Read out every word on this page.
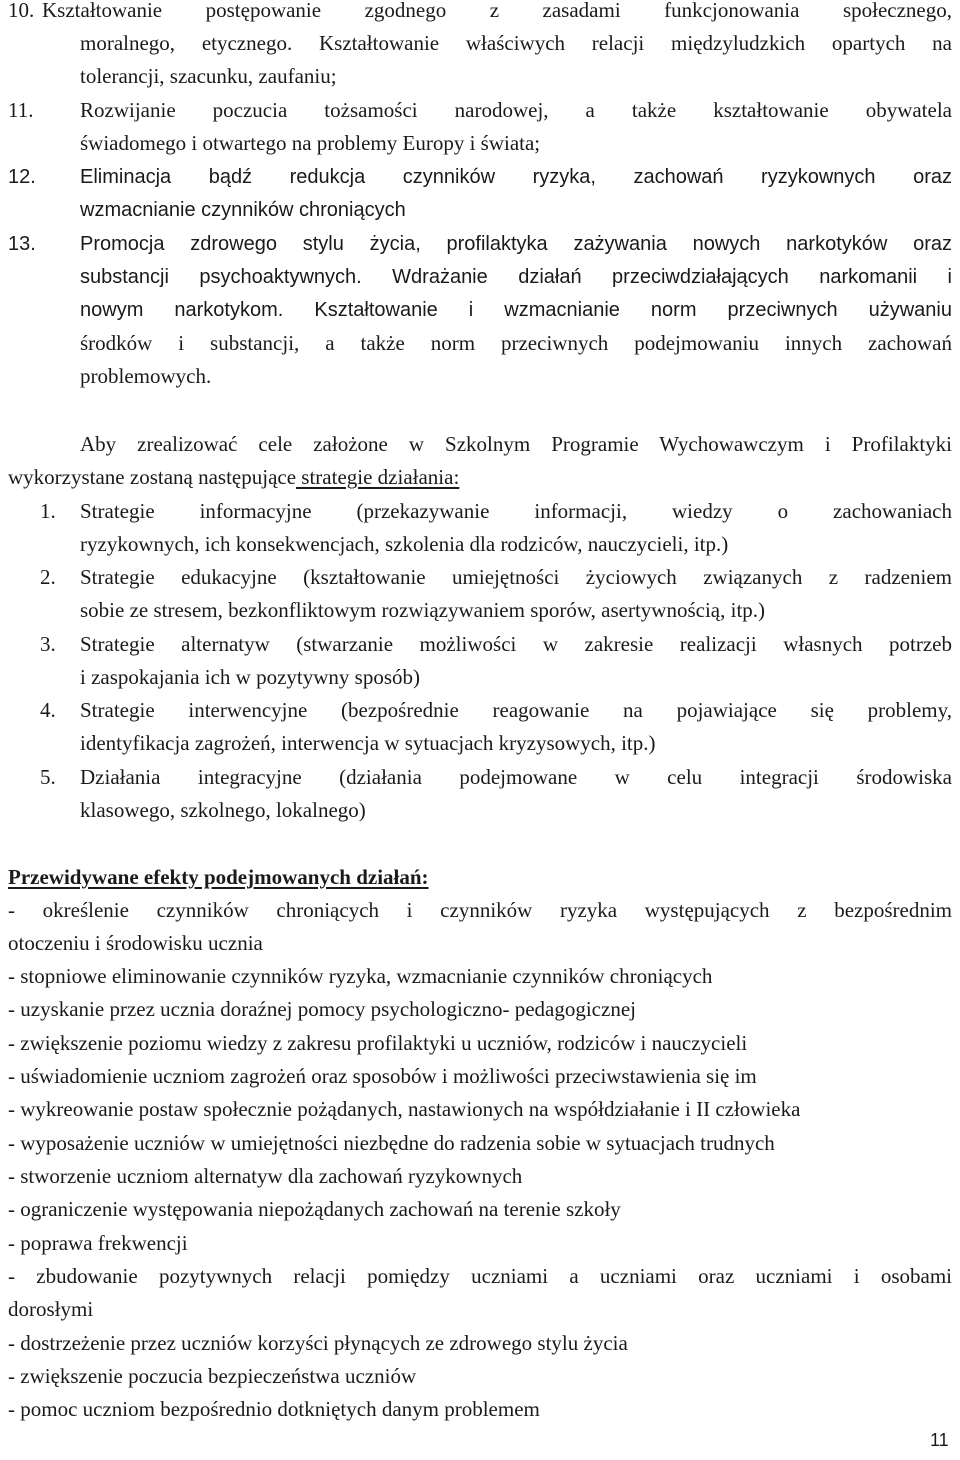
10. Kształtowanie postępowanie zgodnego z zasadami funkcjonowania społecznego,
moralnego, etycznego. Kształtowanie właściwych relacji międzyludzkich opartych na
tolerancji, szacunku, zaufaniu;
11. Rozwijanie poczucia tożsamości narodowej, a także kształtowanie obywatela
świadomego i otwartego na problemy Europy i świata;
12. Eliminacja bądź redukcja czynników ryzyka, zachowań ryzykownych oraz
wzmacnianie czynników chroniących
13. Promocja zdrowego stylu życia, profilaktyka zażywania nowych narkotyków oraz
substancji psychoaktywnych. Wdrażanie działań przeciwdziałających narkomanii i
nowym narkotykom. Kształtowanie i wzmacnianie norm przeciwnych używaniu
środków i substancji, a także norm przeciwnych podejmowaniu innych zachowań
problemowych.
Aby zrealizować cele założone w Szkolnym Programie Wychowawczym i Profilaktyki
wykorzystane zostaną następujące strategie działania:
1. Strategie informacyjne (przekazywanie informacji, wiedzy o zachowaniach
ryzykownych, ich konsekwencjach, szkolenia dla rodziców, nauczycieli, itp.)
2. Strategie edukacyjne (kształtowanie umiejętności życiowych związanych z radzeniem
sobie ze stresem, bezkonfliktowym rozwiązywaniem sporów, asertywnością, itp.)
3. Strategie alternatyw (stwarzanie możliwości w zakresie realizacji własnych potrzeb
i zaspokajania ich w pozytywny sposób)
4. Strategie interwencyjne (bezpośrednie reagowanie na pojawiające się problemy,
identyfikacja zagrożeń, interwencja w sytuacjach kryzysowych, itp.)
5. Działania integracyjne (działania podejmowane w celu integracji środowiska
klasowego, szkolnego, lokalnego)
Przewidywane efekty podejmowanych działań:
- określenie czynników chroniących i czynników ryzyka występujących z bezpośrednim
otoczeniu i środowisku ucznia
- stopniowe eliminowanie czynników ryzyka, wzmacnianie czynników chroniących
- uzyskanie przez ucznia doraźnej pomocy psychologiczno- pedagogicznej
- zwiększenie poziomu wiedzy z zakresu profilaktyki u uczniów, rodziców i nauczycieli
- uświadomienie uczniom zagrożeń oraz sposobów i możliwości przeciwstawienia się im
- wykreowanie postaw społecznie pożądanych, nastawionych na współdziałanie i II człowieka
- wyposażenie uczniów w umiejętności niezbędne do radzenia sobie w sytuacjach trudnych
- stworzenie uczniom alternatyw dla zachowań ryzykownych
- ograniczenie występowania niepożądanych zachowań na terenie szkoły
- poprawa frekwencji
- zbudowanie pozytywnych relacji pomiędzy uczniami a uczniami oraz uczniami i osobami
dorosłymi
- dostrzeżenie przez uczniów korzyści płynących ze zdrowego stylu życia
- zwiększenie poczucia bezpieczeństwa uczniów
- pomoc uczniom bezpośrednio dotkniętych danym problemem
11
